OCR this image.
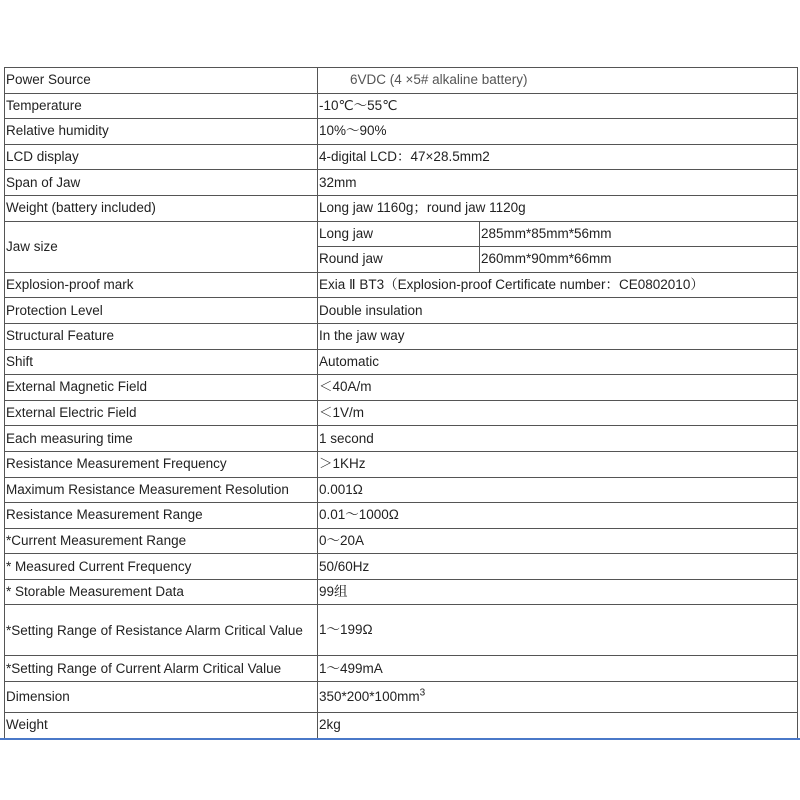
Power Source	6VDC (4 ×5# alkaline battery)	
Temperature	-10℃～55℃	
Relative humidity	10%～90%	
LCD display	4-digital LCD：47×28.5mm2	
Span of Jaw	32mm	
Weight (battery included)	Long jaw 1160g；round jaw 1120g	
Jaw size	Long jaw	285mm*85mm*56mm
	Round jaw	260mm*90mm*66mm
Explosion-proof mark	Exia Ⅱ BT3（Explosion-proof Certificate number：CE0802010）	
Protection Level	Double insulation	
Structural Feature	In the jaw way	
Shift	Automatic	
External Magnetic Field	＜40A/m	
External Electric Field	＜1V/m	
Each measuring time	1 second	
Resistance Measurement Frequency	＞1KHz	
Maximum Resistance Measurement Resolution	0.001Ω	
Resistance Measurement Range	0.01～1000Ω	
*Current Measurement Range	0～20A	
* Measured Current Frequency	50/60Hz	
* Storable Measurement Data	99组	
*Setting Range of Resistance Alarm Critical Value	1～199Ω	
*Setting Range of Current Alarm Critical Value	1～499mA	
Dimension	$350*200*100mm^3$
Weight	2kg	
